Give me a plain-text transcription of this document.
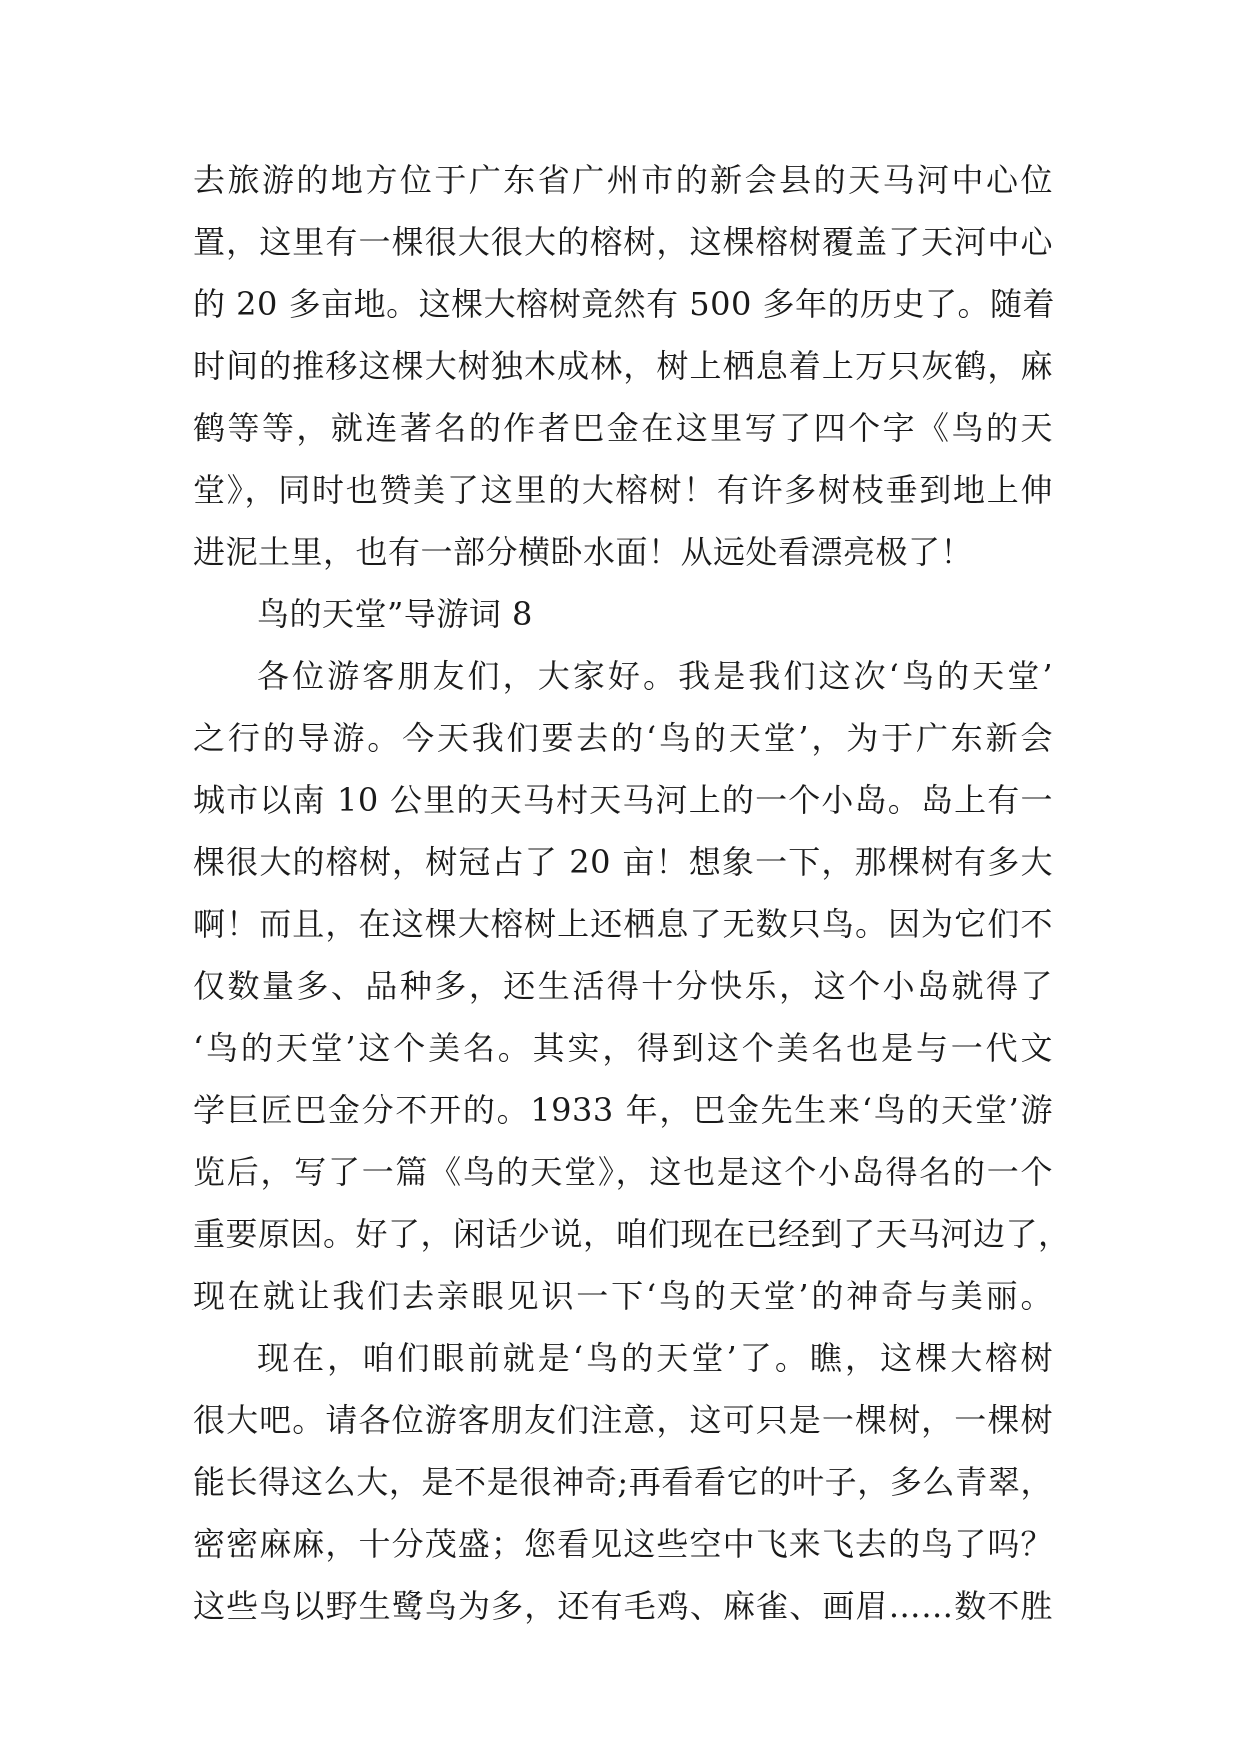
去旅游的地方位于广东省广州市的新会县的天马河中心位
置，这里有一棵很大很大的榕树，这棵榕树覆盖了天河中心
的 20 多亩地。这棵大榕树竟然有 500 多年的历史了。随着
时间的推移这棵大树独木成林，树上栖息着上万只灰鹤，麻
鹤等等，就连著名的作者巴金在这里写了四个字《鸟的天
堂》，同时也赞美了这里的大榕树！有许多树枝垂到地上伸
进泥土里，也有一部分横卧水面！从远处看漂亮极了！
鸟的天堂”导游词 8
各位游客朋友们，大家好。我是我们这次‘鸟的天堂’
之行的导游。今天我们要去的‘鸟的天堂’，为于广东新会
城市以南 10 公里的天马村天马河上的一个小岛。岛上有一
棵很大的榕树，树冠占了 20 亩！想象一下，那棵树有多大
啊！而且，在这棵大榕树上还栖息了无数只鸟。因为它们不
仅数量多、品种多，还生活得十分快乐，这个小岛就得了
‘鸟的天堂’这个美名。其实，得到这个美名也是与一代文
学巨匠巴金分不开的。1933 年，巴金先生来‘鸟的天堂’游
览后，写了一篇《鸟的天堂》，这也是这个小岛得名的一个
重要原因。好了，闲话少说，咱们现在已经到了天马河边了，
现在就让我们去亲眼见识一下‘鸟的天堂’的神奇与美丽。
现在，咱们眼前就是‘鸟的天堂’了。瞧，这棵大榕树
很大吧。请各位游客朋友们注意，这可只是一棵树，一棵树
能长得这么大，是不是很神奇;再看看它的叶子，多么青翠，
密密麻麻，十分茂盛；您看见这些空中飞来飞去的鸟了吗？
这些鸟以野生鹭鸟为多，还有毛鸡、麻雀、画眉……数不胜
